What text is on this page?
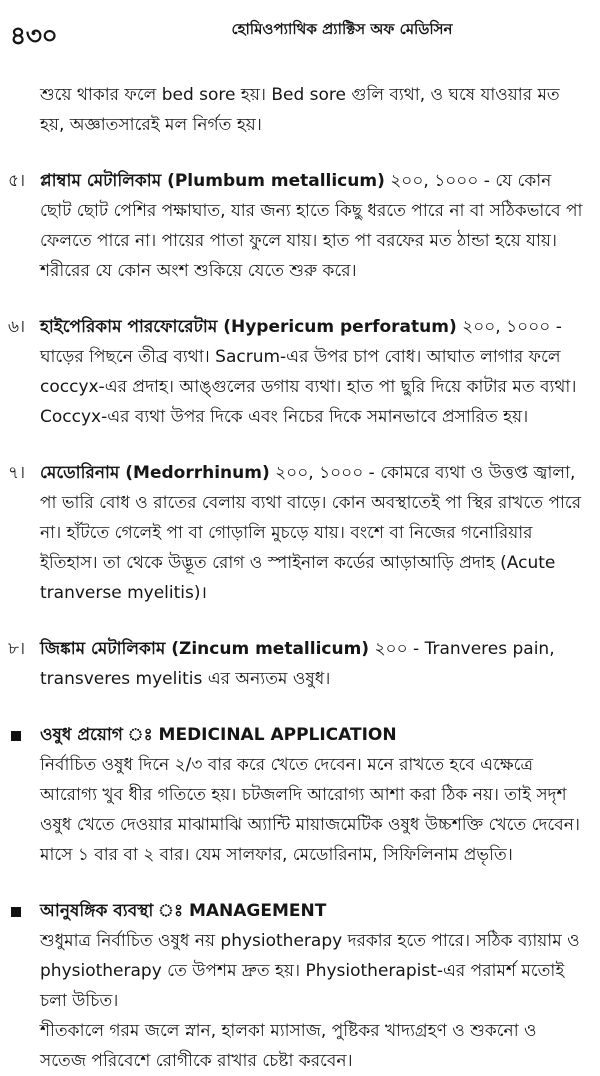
৪৩০	হোমিওপ্যাথিক প্র্যাক্টিস অফ মেডিসিন

শুয়ে থাকার ফলে bed sore হয়। Bed sore গুলি ব্যথা, ও ঘষে যাওয়ার মত হয়, অজ্ঞাতসারেই মল নির্গত হয়।

৫। প্লাম্বাম মেটালিকাম (Plumbum metallicum) ২০০, ১০০০ - যে কোন ছোট ছোট পেশির পক্ষাঘাত, যার জন্য হাতে কিছু ধরতে পারে না বা সঠিকভাবে পা ফেলতে পারে না। পায়ের পাতা ফুলে যায়। হাত পা বরফের মত ঠান্ডা হয়ে যায়। শরীরের যে কোন অংশ শুকিয়ে যেতে শুরু করে।
৬। হাইপেরিকাম পারফোরেটাম (Hypericum perforatum) ২০০, ১০০০ - ঘাড়ের পিছনে তীব্র ব্যথা। Sacrum-এর উপর চাপ বোধ। আঘাত লাগার ফলে coccyx-এর প্রদাহ। আঙ্গুলের ডগায় ব্যথা। হাত পা ছুরি দিয়ে কাটার মত ব্যথা। Coccyx-এর ব্যথা উপর দিকে এবং নিচের দিকে সমানভাবে প্রসারিত হয়।
৭। মেডোরিনাম (Medorrhinum) ২০০, ১০০০ - কোমরে ব্যথা ও উত্তপ্ত জ্বালা, পা ভারি বোধ ও রাতের বেলায় ব্যথা বাড়ে। কোন অবস্থাতেই পা স্থির রাখতে পারে না। হাঁটতে গেলেই পা বা গোড়ালি মুচড়ে যায়। বংশে বা নিজের গনোরিয়ার ইতিহাস। তা থেকে উদ্ভূত রোগ ও স্পাইনাল কর্ডের আড়াআড়ি প্রদাহ (Acute tranverse myelitis)।
৮। জিঙ্কাম মেটালিকাম (Zincum metallicum) ২০০ - Tranveres pain, transveres myelitis এর অন্যতম ওষুধ।
ওষুধ প্রয়োগ ঃ MEDICINAL APPLICATION
নির্বাচিত ওষুধ দিনে ২/৩ বার করে খেতে দেবেন। মনে রাখতে হবে এক্ষেত্রে আরোগ্য খুব ধীর গতিতে হয়। চটজলদি আরোগ্য আশা করা ঠিক নয়। তাই সদৃশ ওষুধ খেতে দেওয়ার মাঝামাঝি অ্যান্টি মায়াজমেটিক ওষুধ উচ্চশক্তি খেতে দেবেন। মাসে ১ বার বা ২ বার। যেম সালফার, মেডোরিনাম, সিফিলিনাম প্রভৃতি।
আনুষঙ্গিক ব্যবস্থা ঃ MANAGEMENT
শুধুমাত্র নির্বাচিত ওষুধ নয় physiotherapy দরকার হতে পারে। সঠিক ব্যায়াম ও physiotherapy তে উপশম দ্রুত হয়। Physiotherapist-এর পরামর্শ মতোই চলা উচিত।
শীতকালে গরম জলে স্নান, হালকা ম্যাসাজ, পুষ্টিকর খাদ্যগ্রহণ ও শুকনো ও সতেজ পরিবেশে রোগীকে রাখার চেষ্টা করবেন।
